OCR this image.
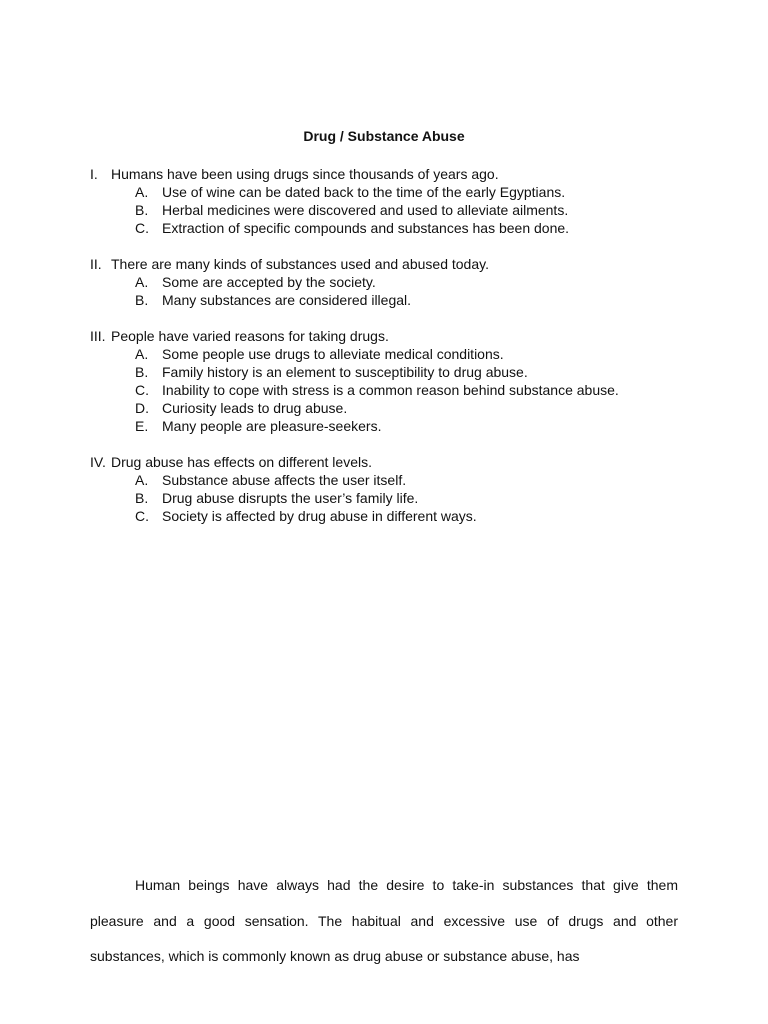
Drug / Substance Abuse
I. Humans have been using drugs since thousands of years ago.
A. Use of wine can be dated back to the time of the early Egyptians.
B. Herbal medicines were discovered and used to alleviate ailments.
C. Extraction of specific compounds and substances has been done.
II. There are many kinds of substances used and abused today.
A. Some are accepted by the society.
B. Many substances are considered illegal.
III. People have varied reasons for taking drugs.
A. Some people use drugs to alleviate medical conditions.
B. Family history is an element to susceptibility to drug abuse.
C. Inability to cope with stress is a common reason behind substance abuse.
D. Curiosity leads to drug abuse.
E. Many people are pleasure-seekers.
IV. Drug abuse has effects on different levels.
A. Substance abuse affects the user itself.
B. Drug abuse disrupts the user’s family life.
C. Society is affected by drug abuse in different ways.

Human beings have always had the desire to take-in substances that give them pleasure and a good sensation. The habitual and excessive use of drugs and other substances, which is commonly known as drug abuse or substance abuse, has
